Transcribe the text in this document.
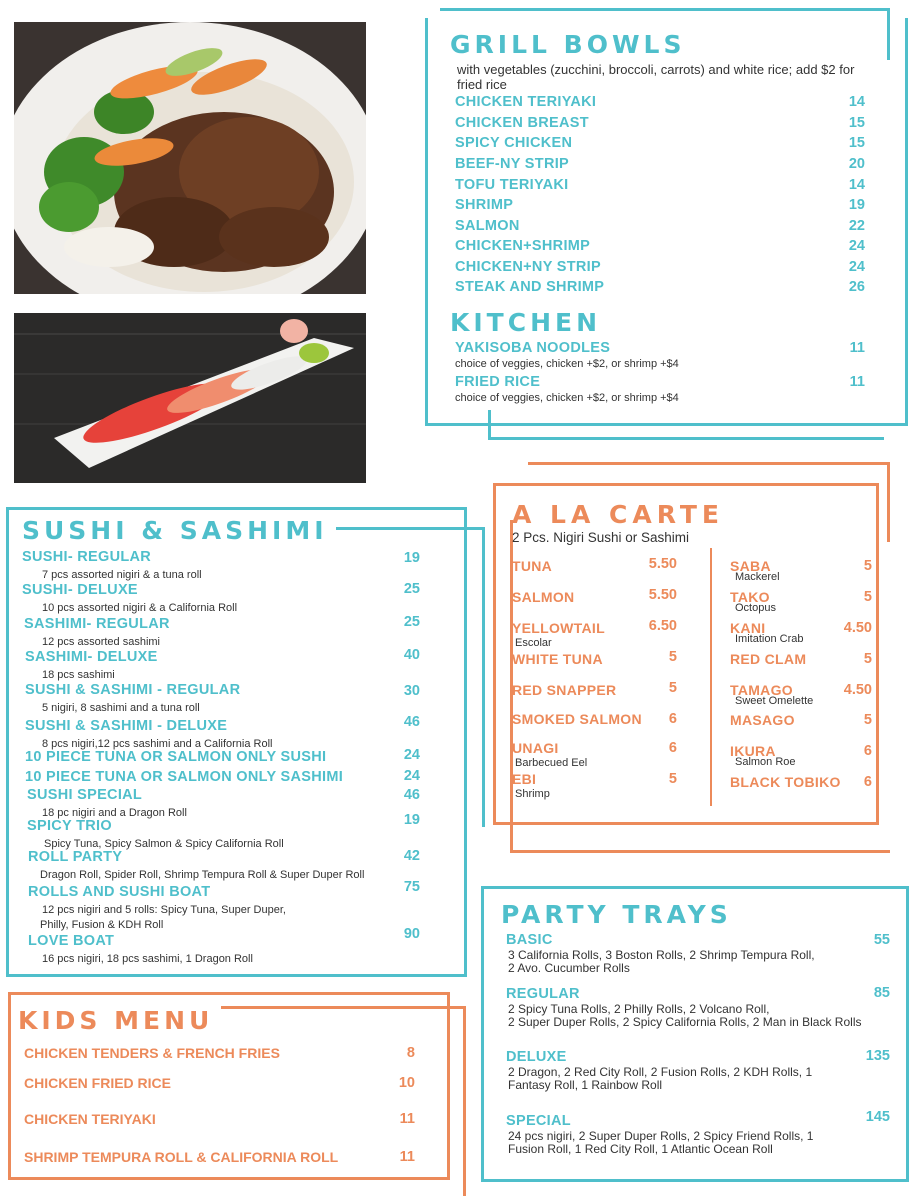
GRILL BOWLS
with vegetables (zucchini, broccoli, carrots) and white rice; add $2 for fried rice
CHICKEN TERIYAKI	14
CHICKEN BREAST	15
SPICY CHICKEN	15
BEEF-NY STRIP	20
TOFU TERIYAKI	14
SHRIMP	19
SALMON	22
CHICKEN+SHRIMP	24
CHICKEN+NY STRIP	24
STEAK AND SHRIMP	26
KITCHEN
YAKISOBA NOODLES	11
choice of veggies, chicken +$2, or shrimp +$4
FRIED RICE	11
choice of veggies, chicken +$2, or shrimp +$4
SUSHI & SASHIMI
SUSHI- REGULAR	19
7 pcs assorted nigiri & a tuna roll
SUSHI- DELUXE	25
10 pcs assorted nigiri & a California Roll
SASHIMI- REGULAR	25
12 pcs assorted sashimi
SASHIMI- DELUXE	40
18 pcs sashimi
SUSHI & SASHIMI - REGULAR	30
5 nigiri, 8 sashimi and a tuna roll
SUSHI & SASHIMI - DELUXE	46
8 pcs nigiri,12 pcs sashimi and a California Roll
10 PIECE TUNA OR SALMON ONLY SUSHI	24
10 PIECE TUNA OR SALMON ONLY SASHIMI	24
SUSHI SPECIAL	46
18 pc nigiri and a Dragon Roll
SPICY TRIO	19
Spicy Tuna, Spicy Salmon & Spicy California Roll
ROLL PARTY	42
Dragon Roll, Spider Roll, Shrimp Tempura Roll & Super Duper Roll
ROLLS AND SUSHI BOAT	75
12 pcs nigiri and 5 rolls: Spicy Tuna, Super Duper,
Philly, Fusion & KDH Roll
LOVE BOAT	90
16 pcs nigiri, 18 pcs sashimi, 1 Dragon Roll
A LA CARTE
2 Pcs. Nigiri Sushi or Sashimi
TUNA	5.50
SALMON	5.50
YELLOWTAIL	6.50
Escolar
WHITE TUNA	5
RED SNAPPER	5
SMOKED SALMON	6
UNAGI	6
Barbecued Eel
EBI	5
Shrimp
SABA	5
Mackerel
TAKO	5
Octopus
KANI	4.50
Imitation Crab
RED CLAM	5
TAMAGO	4.50
Sweet Omelette
MASAGO	5
IKURA	6
Salmon Roe
BLACK TOBIKO	6
KIDS MENU
CHICKEN TENDERS & FRENCH FRIES	8
CHICKEN FRIED RICE	10
CHICKEN TERIYAKI	11
SHRIMP TEMPURA ROLL & CALIFORNIA ROLL	11
PARTY TRAYS
BASIC	55
3 California Rolls, 3 Boston Rolls, 2 Shrimp Tempura Roll,
2 Avo. Cucumber Rolls
REGULAR	85
2 Spicy Tuna Rolls, 2 Philly Rolls, 2 Volcano Roll,
2 Super Duper Rolls, 2 Spicy California Rolls, 2 Man in Black Rolls
DELUXE	135
2 Dragon, 2 Red City Roll, 2 Fusion Rolls, 2 KDH Rolls, 1
Fantasy Roll, 1 Rainbow Roll
SPECIAL	145
24 pcs nigiri, 2 Super Duper Rolls, 2 Spicy Friend Rolls, 1
Fusion Roll, 1 Red City Roll, 1 Atlantic Ocean Roll
